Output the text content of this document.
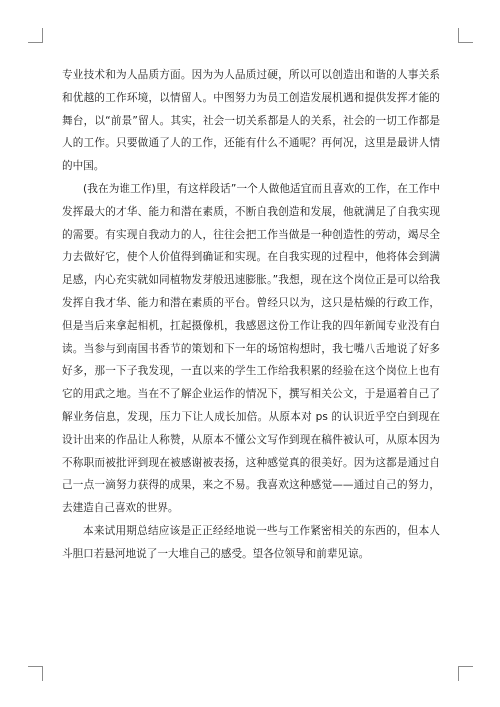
专业技术和为人品质方面。因为为人品质过硬，所以可以创造出和谐的人事关系和优越的工作环境，以情留人。中图努力为员工创造发展机遇和提供发挥才能的舞台，以“前景”留人。其实，社会一切关系都是人的关系，社会的一切工作都是人的工作。只要做通了人的工作，还能有什么不通呢？再何况，这里是最讲人情的中国。

(我在为谁工作)里，有这样段话”一个人做他适宜而且喜欢的工作，在工作中发挥最大的才华、能力和潜在素质，不断自我创造和发展，他就满足了自我实现的需要。有实现自我动力的人，往往会把工作当做是一种创造性的劳动，竭尽全力去做好它，使个人价值得到确证和实现。在自我实现的过程中，他将体会到满足感，内心充实就如同植物发芽般迅速膨胀。”我想，现在这个岗位正是可以给我发挥自我才华、能力和潜在素质的平台。曾经只以为，这只是枯燥的行政工作，但是当后来拿起相机，扛起摄像机，我感恩这份工作让我的四年新闻专业没有白读。当参与到南国书香节的策划和下一年的场馆构想时，我七嘴八舌地说了好多好多，那一下子我发现，一直以来的学生工作给我积累的经验在这个岗位上也有它的用武之地。当在不了解企业运作的情况下，撰写相关公文，于是逼着自己了解业务信息，发现，压力下让人成长加倍。从原本对 ps 的认识近乎空白到现在设计出来的作品让人称赞，从原本不懂公文写作到现在稿件被认可，从原本因为不称职而被批评到现在被感谢被表扬，这种感觉真的很美好。因为这都是通过自己一点一滴努力获得的成果，来之不易。我喜欢这种感觉——通过自己的努力，去建造自己喜欢的世界。

本来试用期总结应该是正正经经地说一些与工作紧密相关的东西的，但本人斗胆口若悬河地说了一大堆自己的感受。望各位领导和前辈见谅。
